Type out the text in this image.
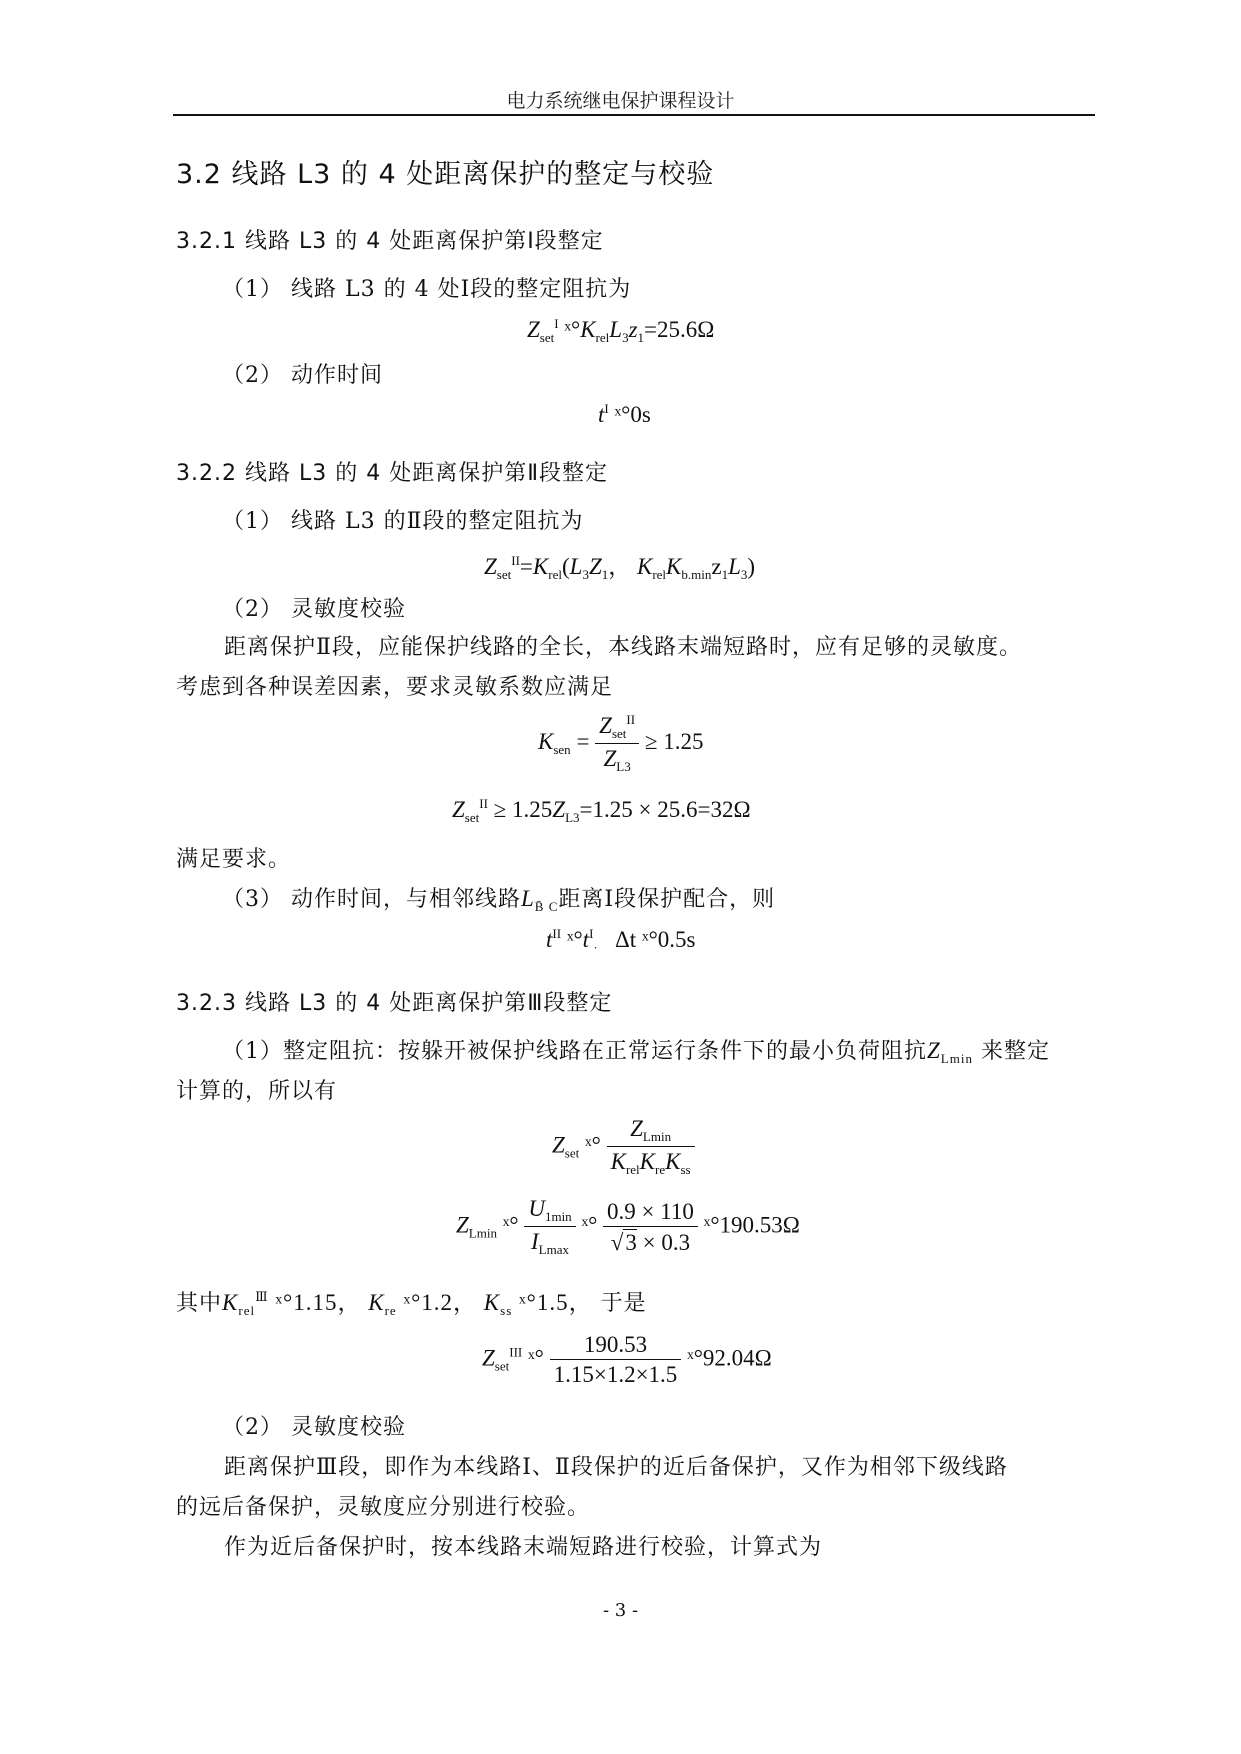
电力系统继电保护课程设计
3.2 线路 L3 的 4 处距离保护的整定与校验
3.2.1 线路 L3 的 4 处距离保护第Ⅰ段整定
（1） 线路 L3 的 4 处Ⅰ段的整定阻抗为
$Z_{set}^I$ $ˣ^\circ K_{rel}L_3z_1=25.6\Omega$
（2） 动作时间
$t^I$ ˣ°0s
3.2.2 线路 L3 的 4 处距离保护第Ⅱ段整定
（1） 线路 L3 的Ⅱ段的整定阻抗为
$Z_{set}^{II}=K_{rel}(L_3Z_1$， $K_{rel}K_{b.min}z_1L_3$)
（2） 灵敏度校验
距离保护Ⅱ段，应能保护线路的全长，本线路末端短路时，应有足够的灵敏度。
考虑到各种误差因素，要求灵敏系数应满足
$K_{sen} = \frac{Z_{set}^{II}}{Z_{L3}} \ge 1.25$
$Z_{set}^{II} \ge 1.25Z_{L3}=1.25 \times 25.6=32\Omega$
满足要求。
（3） 动作时间，与相邻线路$L_{B̄ C}$距离Ⅰ段保护配合，则
$t^{II}$ $ˣ^\circ t^I_\cdot$ Δt ˣ°0.5s
3.2.3 线路 L3 的 4 处距离保护第Ⅲ段整定
（1）整定阻抗：按躲开被保护线路在正常运行条件下的最小负荷阻抗$Z_{Lmin}$ 来整定
计算的，所以有
$Z_{set}$ ˣ° $\frac{Z_{Lmin}}{K_{rel}K_{re}K_{ss}}$
$Z_{Lmin}$ ˣ° $\frac{U_{1min}}{I_{Lmax}}$ ˣ° $\frac{0.9 \times 110}{√3 \times 0.3}$ ˣ°190.53Ω
其中$K_{rel}^Ⅲ$ ˣ°1.15， $K_{re}$ ˣ°1.2， $K_{ss}$ ˣ°1.5， 于是
$Z_{set}^{III}$ ˣ° $\frac{190.53}{1.15\times 1.2\times 1.5}$ ˣ°92.04Ω
（2） 灵敏度校验
距离保护Ⅲ段，即作为本线路Ⅰ、Ⅱ段保护的近后备保护，又作为相邻下级线路
的远后备保护，灵敏度应分别进行校验。
作为近后备保护时，按本线路末端短路进行校验，计算式为
- 3 -
